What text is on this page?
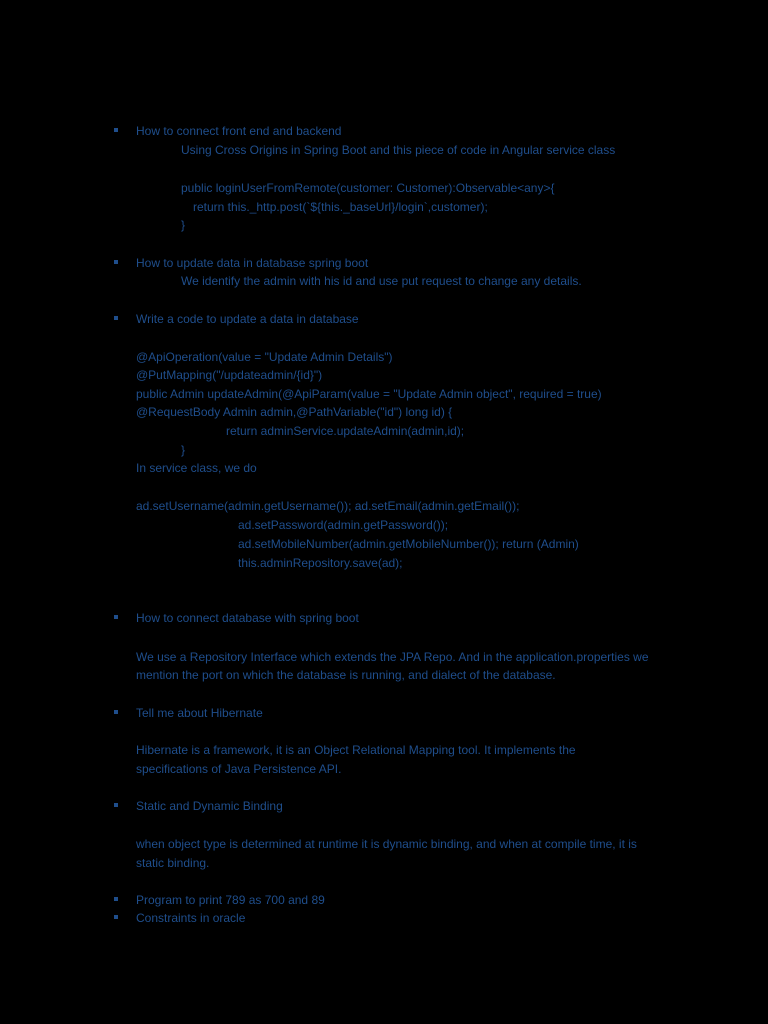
How to connect front end and backend
Using Cross Origins in Spring Boot and this piece of code in Angular service class
public loginUserFromRemote(customer: Customer):Observable<any>{
return this._http.post(`${this._baseUrl}/login`,customer);
}
How to update data in database spring boot
We identify the admin with his id and use put request to change any details.
Write a code to update a data in database
@ApiOperation(value = "Update Admin Details")
@PutMapping("/updateadmin/{id}")
public Admin updateAdmin(@ApiParam(value = "Update Admin object", required = true)
@RequestBody Admin admin,@PathVariable("id") long id) {
return adminService.updateAdmin(admin,id);
}
In service class, we do
ad.setUsername(admin.getUsername()); ad.setEmail(admin.getEmail());
ad.setPassword(admin.getPassword());
ad.setMobileNumber(admin.getMobileNumber()); return (Admin)
this.adminRepository.save(ad);
How to connect database with spring boot
We use a Repository Interface which extends the JPA Repo. And in the application.properties we
mention the port on which the database is running, and dialect of the database.
Tell me about Hibernate
Hibernate is a framework, it is an Object Relational Mapping tool. It implements the
specifications of Java Persistence API.
Static and Dynamic Binding
when object type is determined at runtime it is dynamic binding, and when at compile time, it is
static binding.
Program to print 789 as 700 and 89
Constraints in oracle
